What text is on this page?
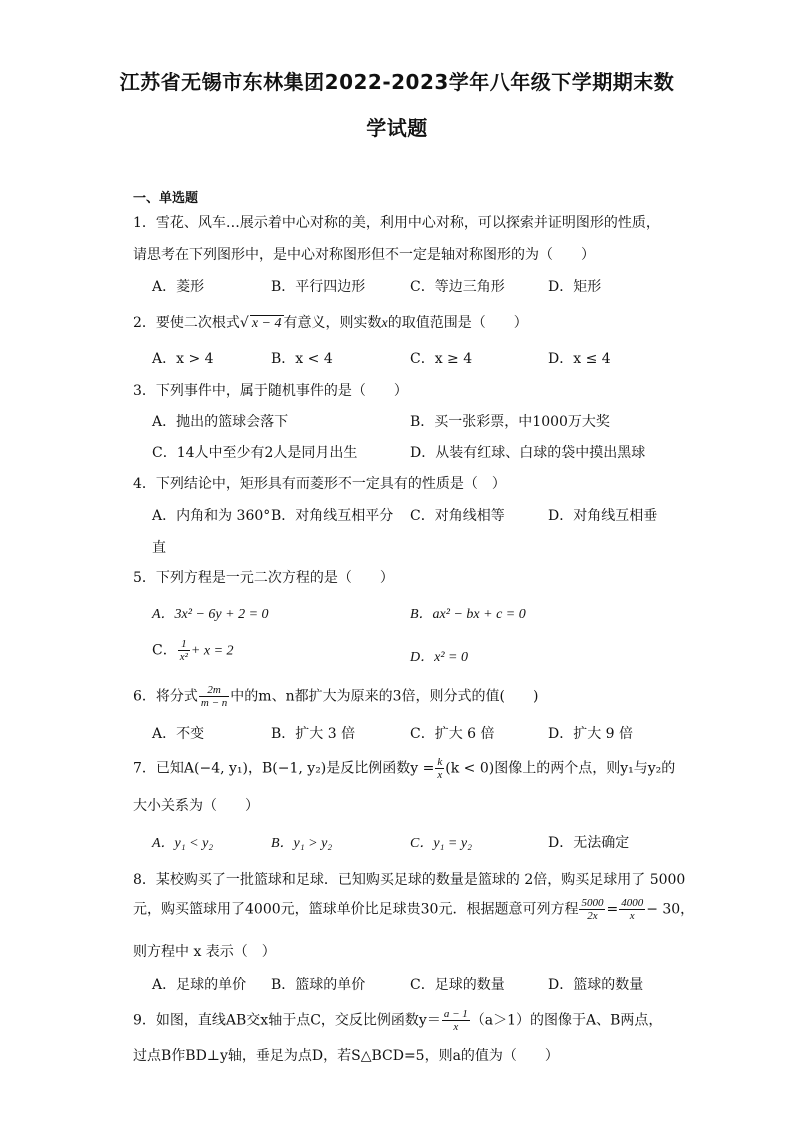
江苏省无锡市东林集团2022-2023学年八年级下学期期末数
学试题
一、单选题
1．雪花、风车…展示着中心对称的美，利用中心对称，可以探索并证明图形的性质，
请思考在下列图形中，是中心对称图形但不一定是轴对称图形的为（　　）
A．菱形	B．平行四边形	C．等边三角形	D．矩形
2．要使二次根式√ x − 4 有意义，则实数x的取值范围是（　　）
A．x > 4	B．x < 4	C．x ≥ 4	D．x ≤ 4
3．下列事件中，属于随机事件的是（　　）
A．抛出的篮球会落下	B．买一张彩票，中1000万大奖
C．14人中至少有2人是同月出生	D．从装有红球、白球的袋中摸出黑球
4．下列结论中，矩形具有而菱形不一定具有的性质是（　）
A．内角和为 360° B．对角线互相平分 C．对角线相等	D．对角线互相垂
直
5．下列方程是一元二次方程的是（　　）
A．3x² − 6y + 2 = 0	B．ax² − bx + c = 0
C． $\frac{1}{\text{x²}} + x = 2$	D．x² = 0
6．将分式 $\frac{2m}{m - n}$ 中的m、n都扩大为原来的3倍，则分式的值(　　)
A．不变	B．扩大 3 倍	C．扩大 6 倍	D．扩大 9 倍
7．已知A(−4, y₁)，B(−1, y₂)是反比例函数$y = \frac{k}{x} (k < 0)$图像上的两个点，则y₁与y₂的
大小关系为（　　）
A．y₁ < y₂	B．y₁ > y₂	C．y₁ = y₂	D．无法确定
8．某校购买了一批篮球和足球．已知购买足球的数量是篮球的 2倍，购买足球用了 5000
元，购买篮球用了4000元，篮球单价比足球贵30元．根据题意可列方程 $\frac{5000}{2x} = \frac{4000}{x} - 30$，
则方程中 x 表示（　）
A．足球的单价 B．篮球的单价	C．足球的数量	D．篮球的数量
9．如图，直线AB交x轴于点C，交反比例函数$y= \frac{a - 1}{x} (a>1)$的图像于A、B两点，
过点B作BD⊥y轴，垂足为点D，若S△BCD=5，则a的值为（　　）
